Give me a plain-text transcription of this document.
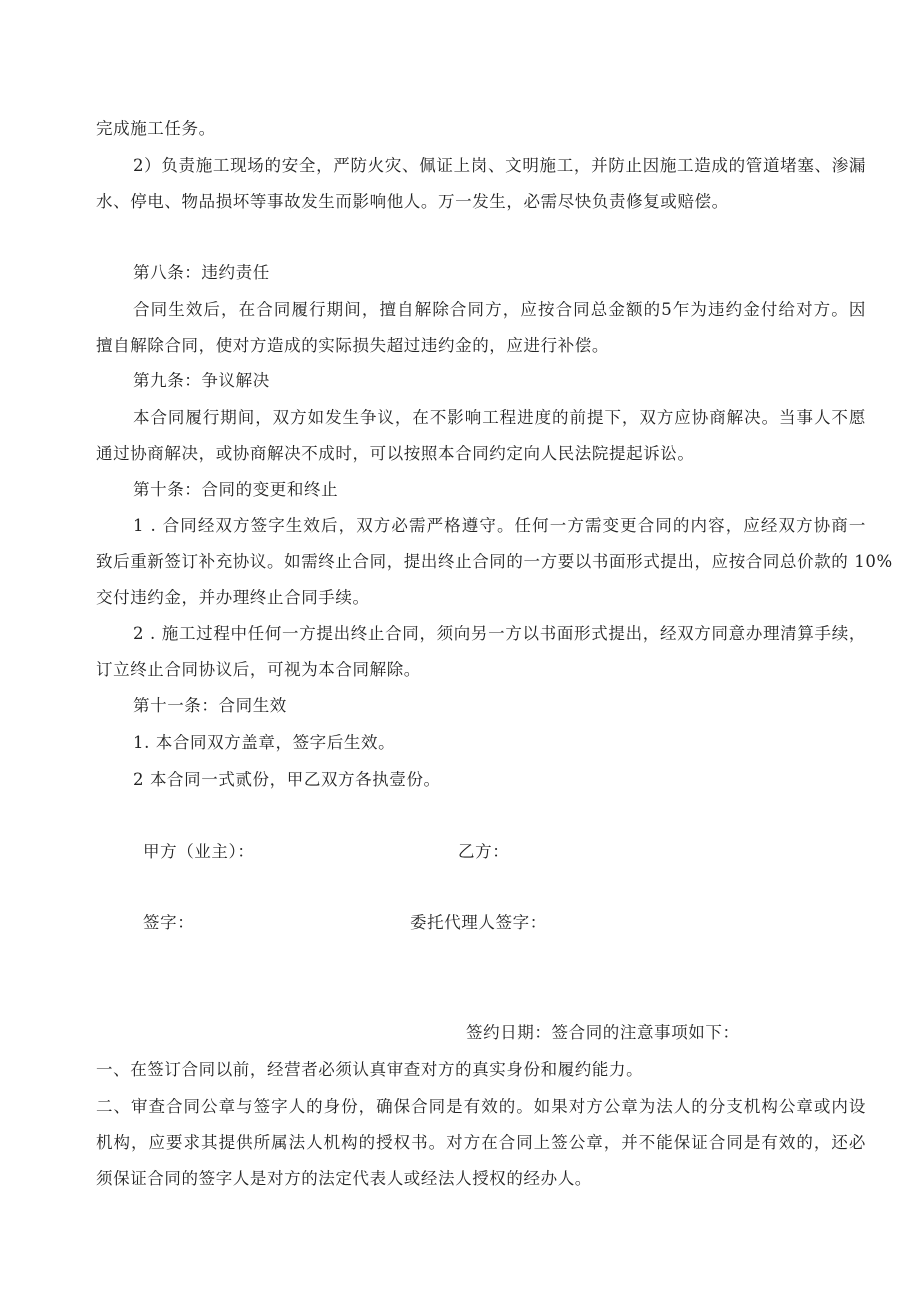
完成施工任务。
2）负责施工现场的安全，严防火灾、佩证上岗、文明施工，并防止因施工造成的管道堵塞、渗漏
水、停电、物品损坏等事故发生而影响他人。万一发生，必需尽快负责修复或赔偿。
第八条：违约责任
合同生效后，在合同履行期间，擅自解除合同方，应按合同总金额的5乍为违约金付给对方。因
擅自解除合同，使对方造成的实际损失超过违约金的，应进行补偿。
第九条：争议解决
本合同履行期间，双方如发生争议，在不影响工程进度的前提下，双方应协商解决。当事人不愿
通过协商解决，或协商解决不成时，可以按照本合同约定向人民法院提起诉讼。
第十条：合同的变更和终止
1 . 合同经双方签字生效后，双方必需严格遵守。任何一方需变更合同的内容，应经双方协商一
致后重新签订补充协议。如需终止合同，提出终止合同的一方要以书面形式提出，应按合同总价款的 10%
交付违约金，并办理终止合同手续。
2 . 施工过程中任何一方提出终止合同，须向另一方以书面形式提出，经双方同意办理清算手续，
订立终止合同协议后，可视为本合同解除。
第十一条：合同生效
1. 本合同双方盖章，签字后生效。
2 本合同一式贰份，甲乙双方各执壹份。
甲方（业主）：	乙方：
签字：	委托代理人签字：
签约日期：签合同的注意事项如下：
一、在签订合同以前，经营者必须认真审查对方的真实身份和履约能力。
二、审查合同公章与签字人的身份，确保合同是有效的。如果对方公章为法人的分支机构公章或内设
机构，应要求其提供所属法人机构的授权书。对方在合同上签公章，并不能保证合同是有效的，还必
须保证合同的签字人是对方的法定代表人或经法人授权的经办人。
